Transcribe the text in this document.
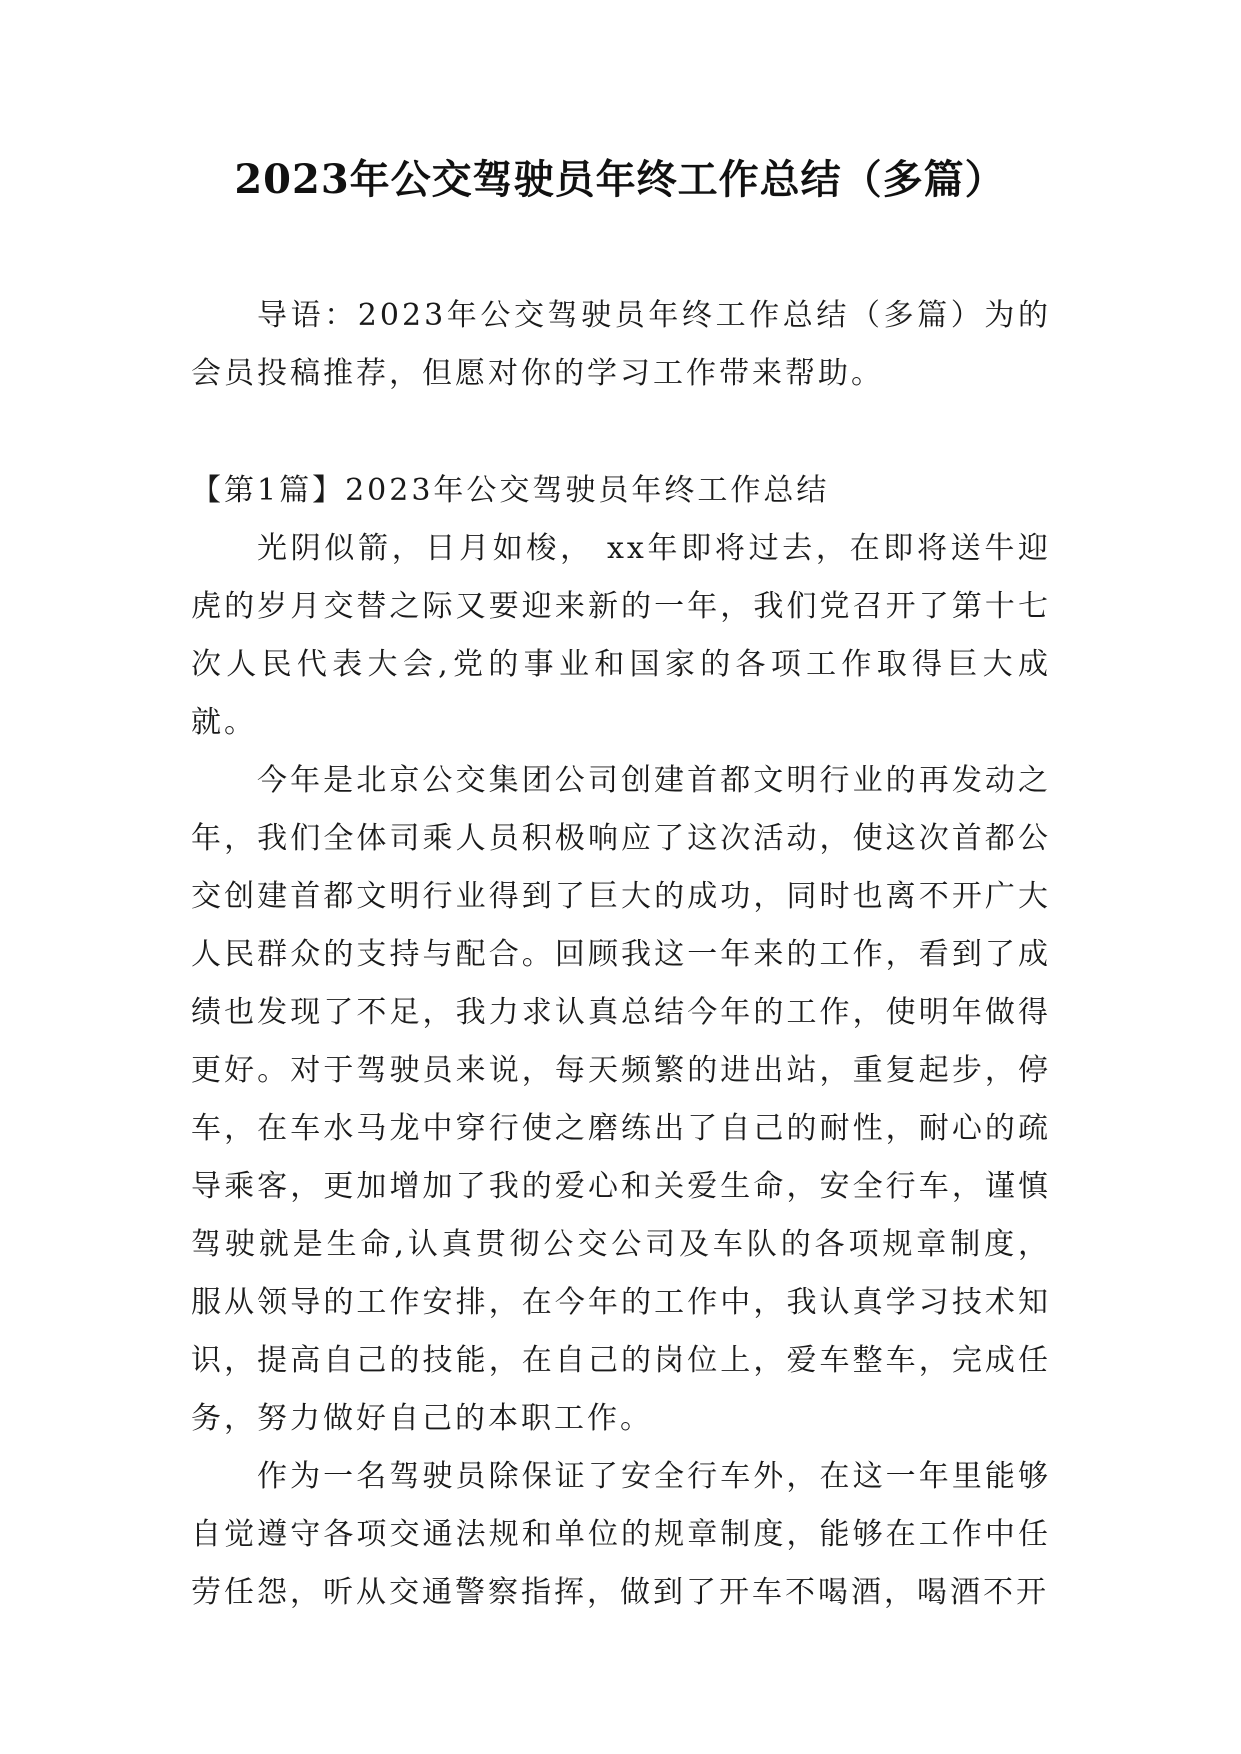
2023年公交驾驶员年终工作总结（多篇）

导语：2023年公交驾驶员年终工作总结（多篇）为的会员投稿推荐，但愿对你的学习工作带来帮助。

【第1篇】2023年公交驾驶员年终工作总结

光阴似箭，日月如梭， xx年即将过去，在即将送牛迎虎的岁月交替之际又要迎来新的一年，我们党召开了第十七次人民代表大会,党的事业和国家的各项工作取得巨大成就。

今年是北京公交集团公司创建首都文明行业的再发动之年，我们全体司乘人员积极响应了这次活动，使这次首都公交创建首都文明行业得到了巨大的成功，同时也离不开广大人民群众的支持与配合。回顾我这一年来的工作，看到了成绩也发现了不足，我力求认真总结今年的工作，使明年做得更好。对于驾驶员来说，每天频繁的进出站，重复起步，停车，在车水马龙中穿行使之磨练出了自己的耐性，耐心的疏导乘客，更加增加了我的爱心和关爱生命，安全行车，谨慎驾驶就是生命,认真贯彻公交公司及车队的各项规章制度，服从领导的工作安排，在今年的工作中，我认真学习技术知识，提高自己的技能，在自己的岗位上，爱车整车，完成任务，努力做好自己的本职工作。

作为一名驾驶员除保证了安全行车外，在这一年里能够自觉遵守各项交通法规和单位的规章制度，能够在工作中任劳任怨，听从交通警察指挥，做到了开车不喝酒，喝酒不开
